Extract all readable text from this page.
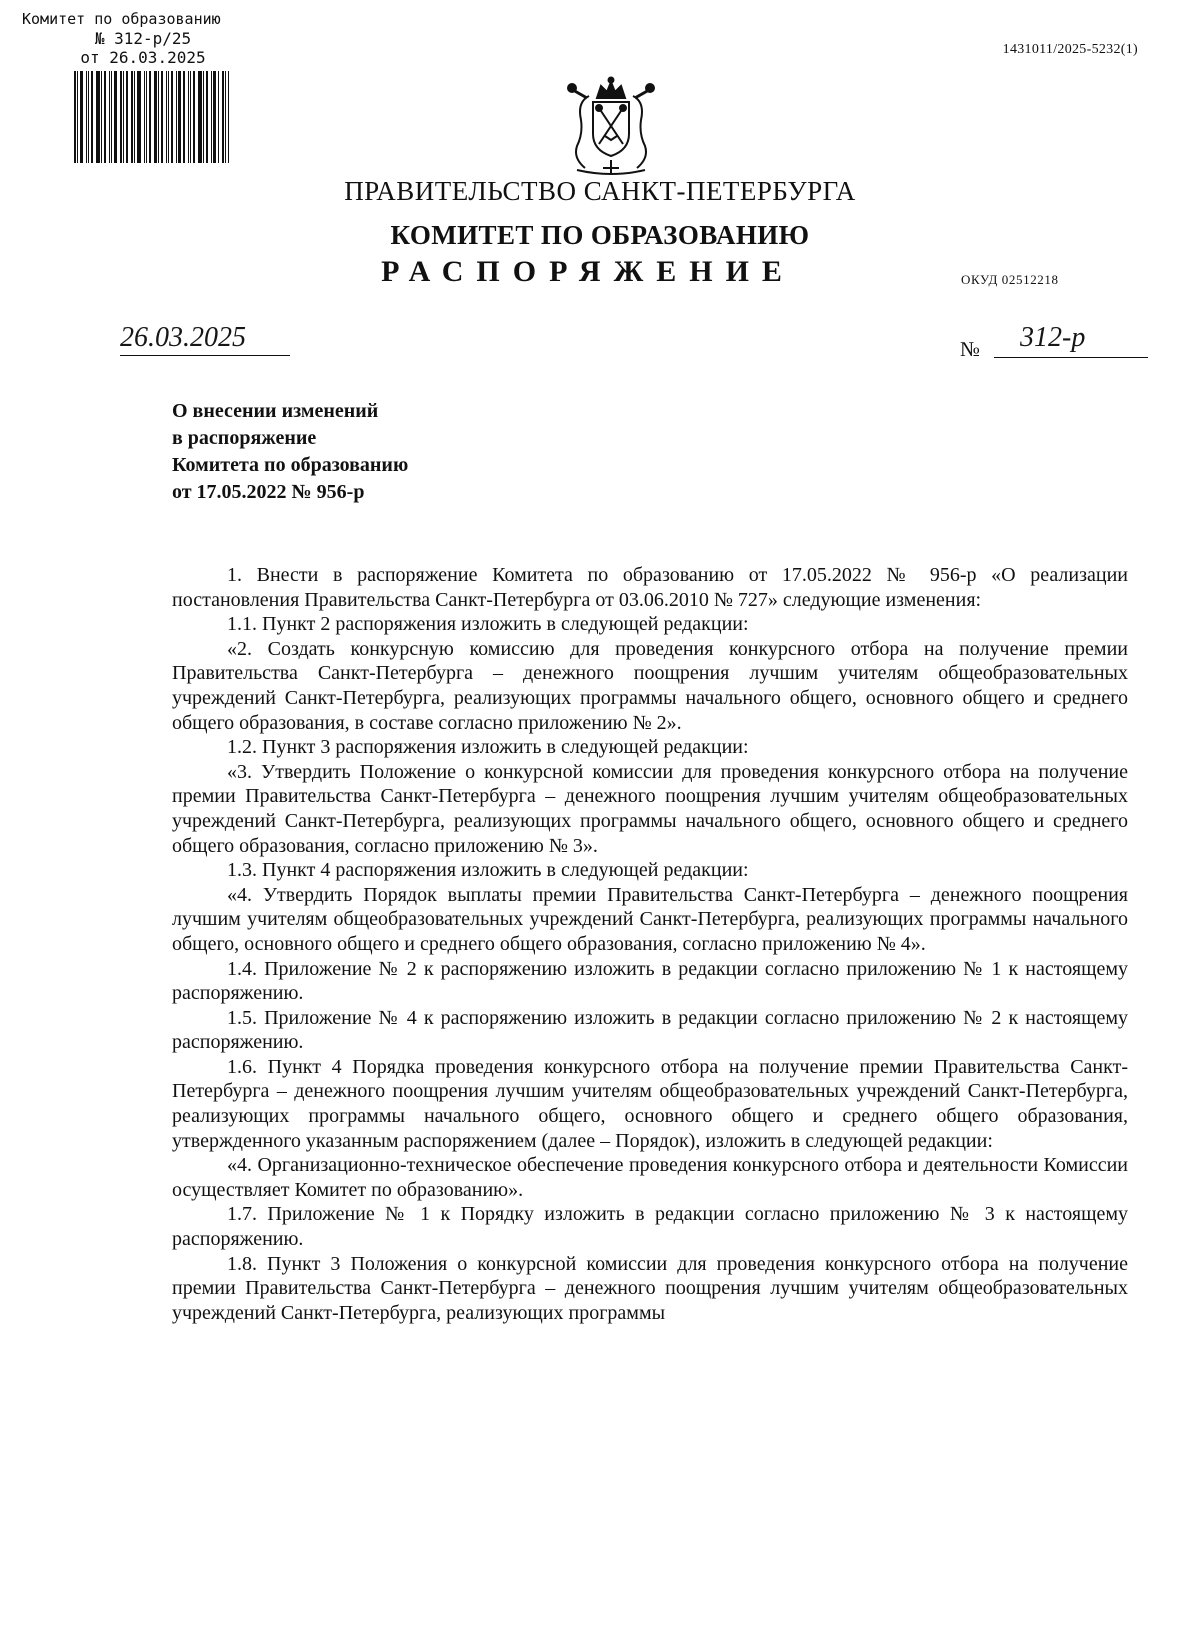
Комитет по образованию
№ 312-р/25
от 26.03.2025	1431011/2025-5232(1)
ПРАВИТЕЛЬСТВО САНКТ-ПЕТЕРБУРГА
КОМИТЕТ ПО ОБРАЗОВАНИЮ
РАСПОРЯЖЕНИЕ	ОКУД 02512218
26.03.2025	№ 312-р
О внесении изменений
в распоряжение
Комитета по образованию
от 17.05.2022 № 956-р

1. Внести в распоряжение Комитета по образованию от 17.05.2022 № 956-р «О реализации постановления Правительства Санкт-Петербурга от 03.06.2010 № 727» следующие изменения:

1.1. Пункт 2 распоряжения изложить в следующей редакции:

«2. Создать конкурсную комиссию для проведения конкурсного отбора на получение премии Правительства Санкт-Петербурга – денежного поощрения лучшим учителям общеобразовательных учреждений Санкт-Петербурга, реализующих программы начального общего, основного общего и среднего общего образования, в составе согласно приложению № 2».

1.2. Пункт 3 распоряжения изложить в следующей редакции:

«3. Утвердить Положение о конкурсной комиссии для проведения конкурсного отбора на получение премии Правительства Санкт-Петербурга – денежного поощрения лучшим учителям общеобразовательных учреждений Санкт-Петербурга, реализующих программы начального общего, основного общего и среднего общего образования, согласно приложению № 3».

1.3. Пункт 4 распоряжения изложить в следующей редакции:

«4. Утвердить Порядок выплаты премии Правительства Санкт-Петербурга – денежного поощрения лучшим учителям общеобразовательных учреждений Санкт-Петербурга, реализующих программы начального общего, основного общего и среднего общего образования, согласно приложению № 4».

1.4. Приложение № 2 к распоряжению изложить в редакции согласно приложению № 1 к настоящему распоряжению.

1.5. Приложение № 4 к распоряжению изложить в редакции согласно приложению № 2 к настоящему распоряжению.

1.6. Пункт 4 Порядка проведения конкурсного отбора на получение премии Правительства Санкт-Петербурга – денежного поощрения лучшим учителям общеобразовательных учреждений Санкт-Петербурга, реализующих программы начального общего, основного общего и среднего общего образования, утвержденного указанным распоряжением (далее – Порядок), изложить в следующей редакции:

«4. Организационно-техническое обеспечение проведения конкурсного отбора и деятельности Комиссии осуществляет Комитет по образованию».

1.7. Приложение № 1 к Порядку изложить в редакции согласно приложению № 3 к настоящему распоряжению.

1.8. Пункт 3 Положения о конкурсной комиссии для проведения конкурсного отбора на получение премии Правительства Санкт-Петербурга – денежного поощрения лучшим учителям общеобразовательных учреждений Санкт-Петербурга, реализующих программы
